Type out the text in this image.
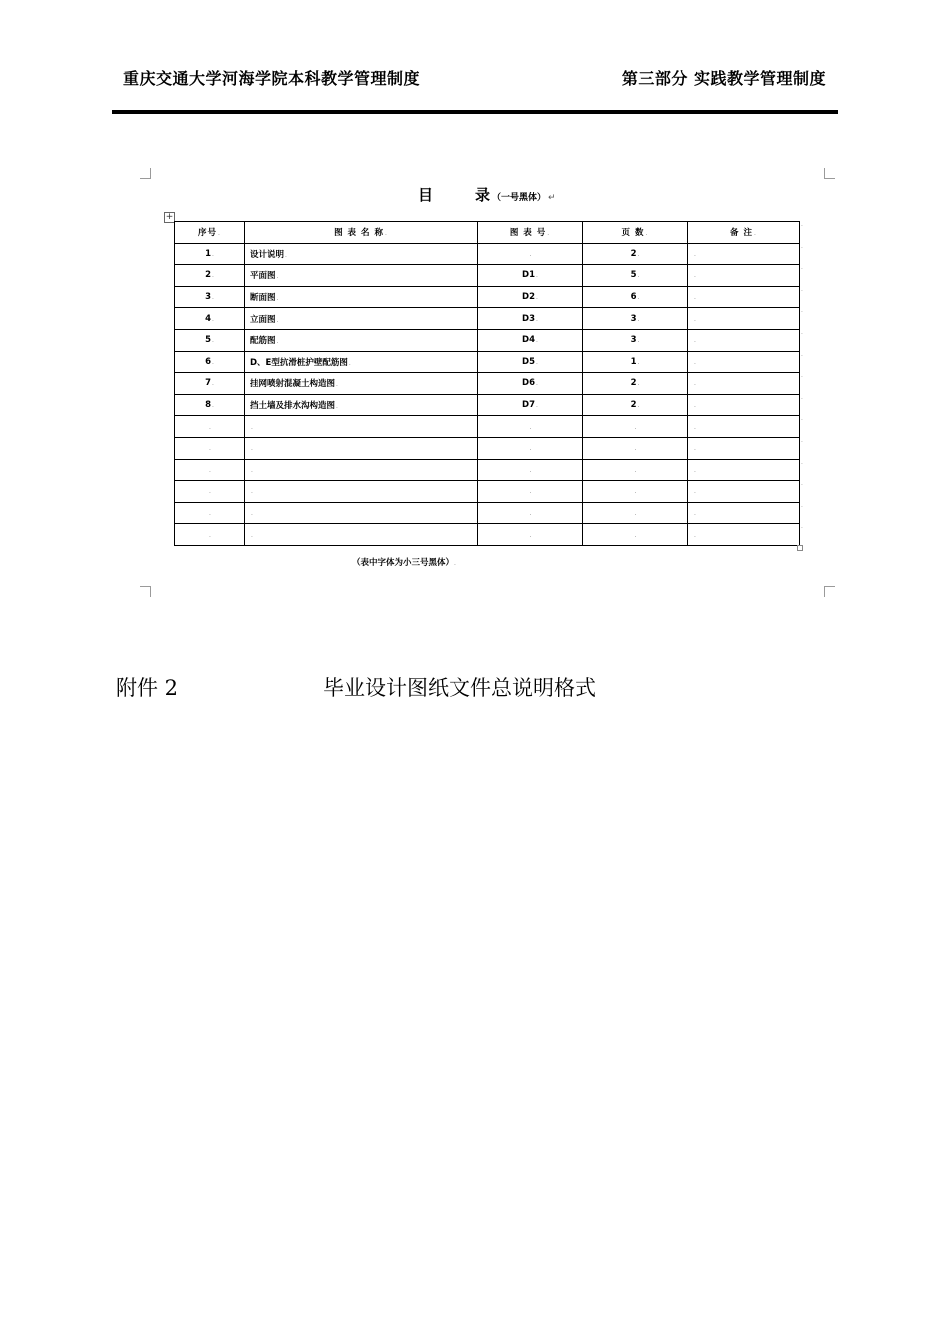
重庆交通大学河海学院本科教学管理制度	第三部分 实践教学管理制度
目	录 （一号黑体） ↵
+
序号.	图 表 名 称.	图 表 号.	页 数.	备 注.
1.	设计说明.	.	2.	.
2.	平面图.	D1.	5.	.
3.	断面图.	D2.	6.	.
4.	立面图.	D3.	3.	.
5.	配筋图.	D4.	3.	.
6.	D、E型抗滑桩护壁配筋图.	D5.	1.	.
7.	挂网喷射混凝土构造图.	D6.	2.	.
8.	挡土墙及排水沟构造图.	D7.	2.	.
.	.	.	.	.
.	.	.	.	.
.	.	.	.	.
.	.	.	.	.
.	.	.	.	.
.	.	.	.	.
.
.
.
.
.
.
.
.
.
.
.
.
.
.
.
（表中字体为小三号黑体）.
附件 2	毕业设计图纸文件总说明格式
